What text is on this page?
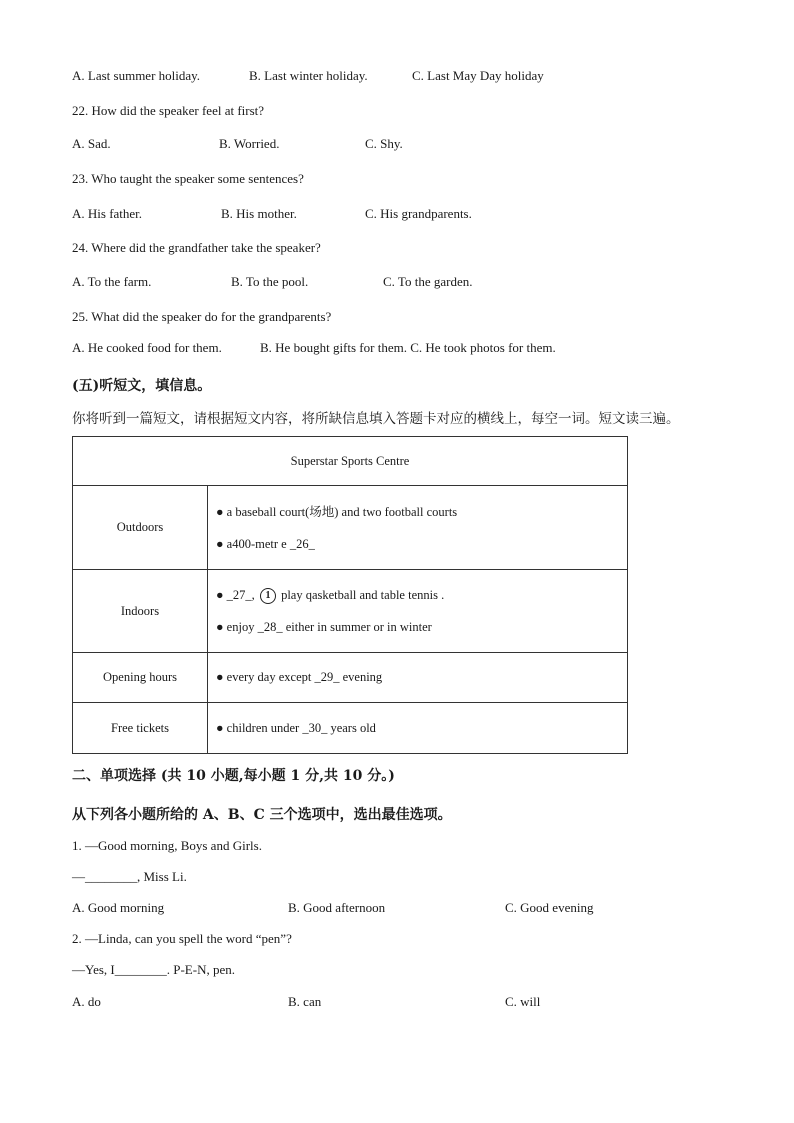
A. Last summer holiday.	B. Last winter holiday.	C. Last May Day holiday
22. How did the speaker feel at first?
A. Sad.	B. Worried.	C. Shy.
23. Who taught the speaker some sentences?
A. His father.	B. His mother.	C. His grandparents.
24. Where did the grandfather take the speaker?
A. To the farm.	B. To the pool.	C. To the garden.
25. What did the speaker do for the grandparents?
A. He cooked food for them.	B. He bought gifts for them. C. He took photos for them.
(五)听短文，填信息。
你将听到一篇短文，请根据短文内容，将所缺信息填入答题卡对应的横线上，每空一词。短文读三遍。
Superstar Sports Centre	
Outdoors	● a baseball court(场地) and two football courts
● a400-metr e _26_

Indoors	● _27_, 1 play qasketball and table tennis .
● enjoy _28_ either in summer or in winter

Opening hours	● every day except _29_ evening
Free tickets	● children under _30_ years old
二、单项选择 (共 10 小题,每小题 1 分,共 10 分。)
从下列各小题所给的 A、B、C 三个选项中，选出最佳选项。
1. —Good morning, Boys and Girls.
—________, Miss Li.
A. Good morning	B. Good afternoon	C. Good evening
2. —Linda, can you spell the word “pen”?
—Yes, I________. P-E-N, pen.
A. do	B. can	C. will
